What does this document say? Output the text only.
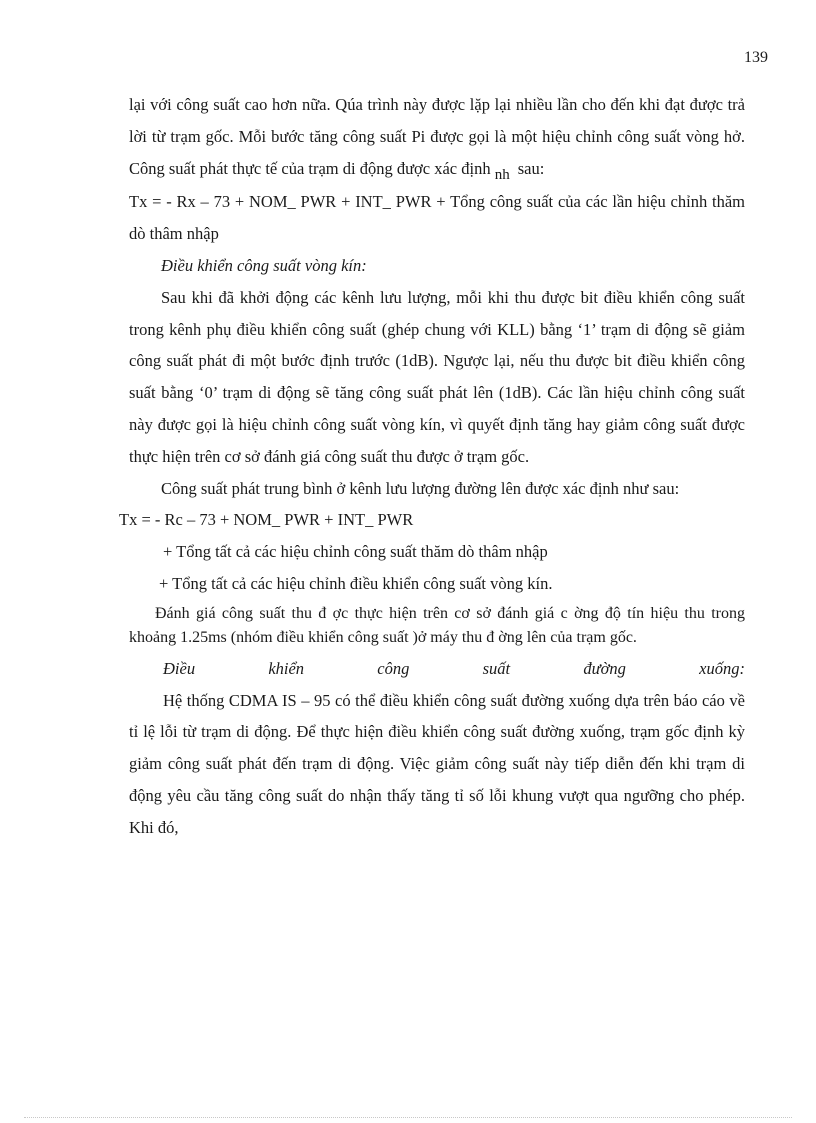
139

lại với công suất cao hơn nữa. Qúa trình này được lặp lại nhiều lần cho đến khi đạt được trả lời từ trạm gốc. Mỗi bước tăng công suất Pi được gọi là một hiệu chỉnh công suất vòng hở. Công suất phát thực tế của trạm di động được xác định nh sau:

Tx = - Rx – 73 + NOM_ PWR + INT_ PWR + Tổng công suất của các lần hiệu chỉnh thăm dò thâm nhập

Điều khiển công suất vòng kín:

Sau khi đã khởi động các kênh lưu lượng, mỗi khi thu được bit điều khiển công suất trong kênh phụ điều khiển công suất (ghép chung với KLL) bằng ‘1’ trạm di động sẽ giảm công suất phát đi một bước định trước (1dB). Ngược lại, nếu thu được bit điều khiển công suất bằng ‘0’ trạm di động sẽ tăng công suất phát lên (1dB). Các lần hiệu chỉnh công suất này được gọi là hiệu chỉnh công suất vòng kín, vì quyết định tăng hay giảm công suất được thực hiện trên cơ sở đánh giá công suất thu được ở trạm gốc.

Công suất phát trung bình ở kênh lưu lượng đường lên được xác định như sau:

Tx = - Rc – 73 + NOM_ PWR + INT_ PWR

+ Tổng tất cả các hiệu chỉnh công suất thăm dò thâm nhập

+ Tổng tất cả các hiệu chỉnh điều khiển công suất vòng kín.

Đánh giá công suất thu đ ợc thực hiện trên cơ sở đánh giá c ờng độ tín hiệu thu trong khoảng 1.25ms (nhóm điều khiển công suất )ở máy thu đ ờng lên của trạm gốc.

Điều khiển công suất đường xuống:

Hệ thống CDMA IS – 95 có thể điều khiển công suất đường xuống dựa trên báo cáo về tỉ lệ lỗi từ trạm di động. Để thực hiện điều khiển công suất đường xuống, trạm gốc định kỳ giảm công suất phát đến trạm di động. Việc giảm công suất này tiếp diễn đến khi trạm di động yêu cầu tăng công suất do nhận thấy tăng tỉ số lỗi khung vượt qua ngưỡng cho phép. Khi đó,
